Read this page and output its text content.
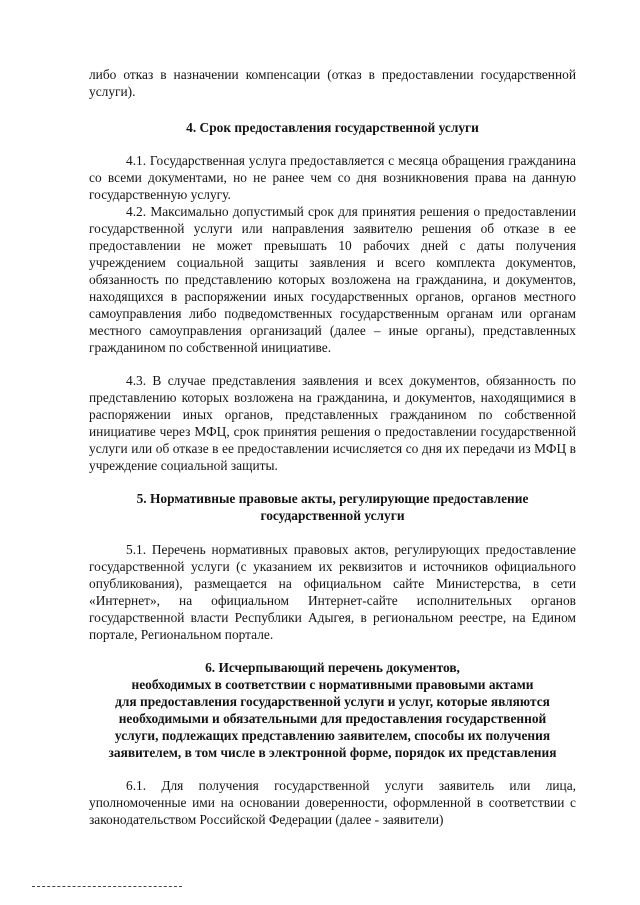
либо отказ в назначении компенсации (отказ в предоставлении государственной услуги).

4. Срок предоставления государственной услуги

4.1. Государственная услуга предоставляется с месяца обращения гражданина со всеми документами, но не ранее чем со дня возникновения права на данную государственную услугу.

4.2. Максимально допустимый срок для принятия решения о предоставлении государственной услуги или направления заявителю решения об отказе в ее предоставлении не может превышать 10 рабочих дней с даты получения учреждением социальной защиты заявления и всего комплекта документов, обязанность по представлению которых возложена на гражданина, и документов, находящихся в распоряжении иных государственных органов, органов местного самоуправления либо подведомственных государственным органам или органам местного самоуправления организаций (далее – иные органы), представленных гражданином по собственной инициативе.

4.3. В случае представления заявления и всех документов, обязанность по представлению которых возложена на гражданина, и документов, находящимися в распоряжении иных органов, представленных гражданином по собственной инициативе через МФЦ, срок принятия решения о предоставлении государственной услуги или об отказе в ее предоставлении исчисляется со дня их передачи из МФЦ в учреждение социальной защиты.

5. Нормативные правовые акты, регулирующие предоставление

государственной услуги

5.1. Перечень нормативных правовых актов, регулирующих предоставление государственной услуги (с указанием их реквизитов и источников официального опубликования), размещается на официальном сайте Министерства, в сети «Интернет», на официальном Интернет-сайте исполнительных органов государственной власти Республики Адыгея, в региональном реестре, на Едином портале, Региональном портале.

6. Исчерпывающий перечень документов,

необходимых в соответствии с нормативными правовыми актами

для предоставления государственной услуги и услуг, которые являются

необходимыми и обязательными для предоставления государственной

услуги, подлежащих представлению заявителем, способы их получения

заявителем, в том числе в электронной форме, порядок их представления

6.1. Для получения государственной услуги заявитель или лица, уполномоченные ими на основании доверенности, оформленной в соответствии с законодательством Российской Федерации (далее - заявители)
